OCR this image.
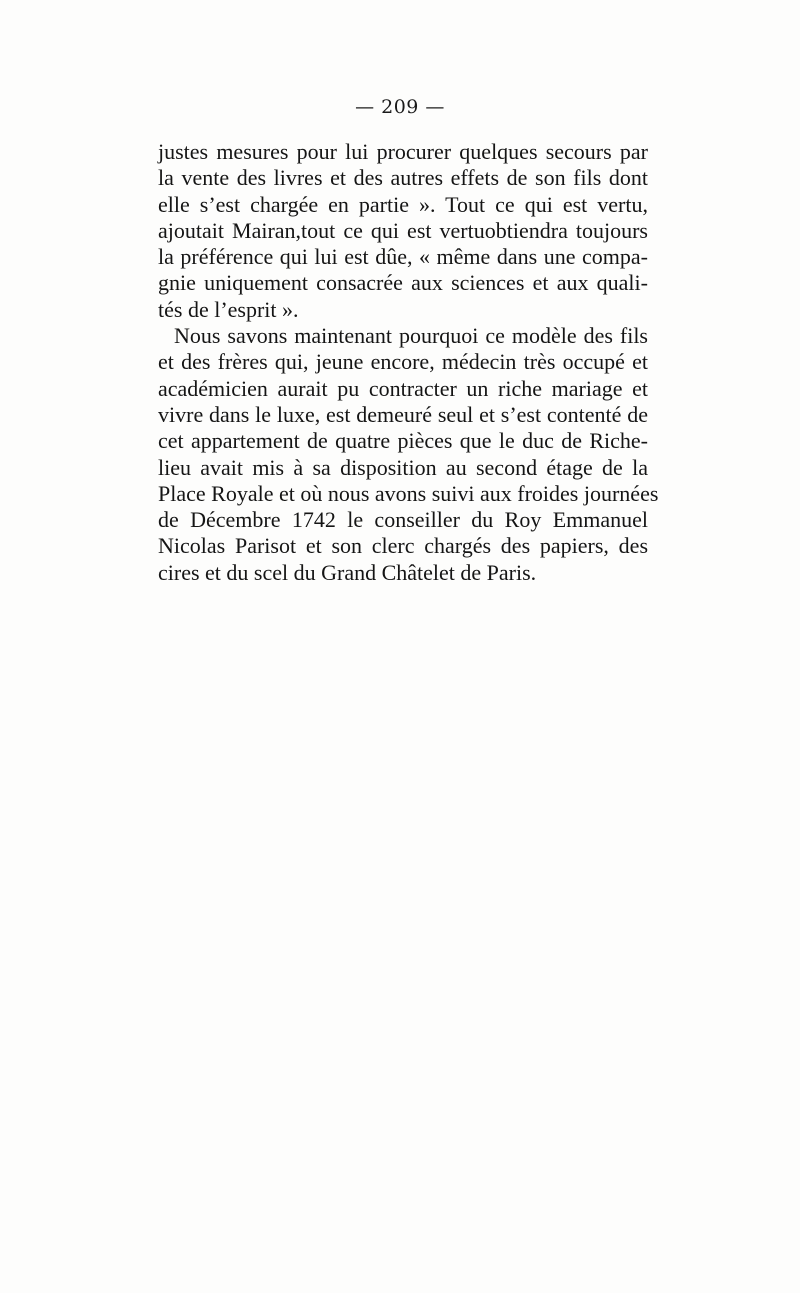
— 209 —
justes mesures pour lui procurer quelques secours par
la vente des livres et des autres effets de son fils dont
elle s’est chargée en partie ». Tout ce qui est vertu,
ajoutait Mairan,tout ce qui est vertuobtiendra toujours
la préférence qui lui est dûe, « même dans une compa-
gnie uniquement consacrée aux sciences et aux quali-
tés de l’esprit ».
Nous savons maintenant pourquoi ce modèle des fils
et des frères qui, jeune encore, médecin très occupé et
académicien aurait pu contracter un riche mariage et
vivre dans le luxe, est demeuré seul et s’est contenté de
cet appartement de quatre pièces que le duc de Riche-
lieu avait mis à sa disposition au second étage de la
Place Royale et où nous avons suivi aux froides journées
de Décembre 1742 le conseiller du Roy Emmanuel
Nicolas Parisot et son clerc chargés des papiers, des
cires et du scel du Grand Châtelet de Paris.
